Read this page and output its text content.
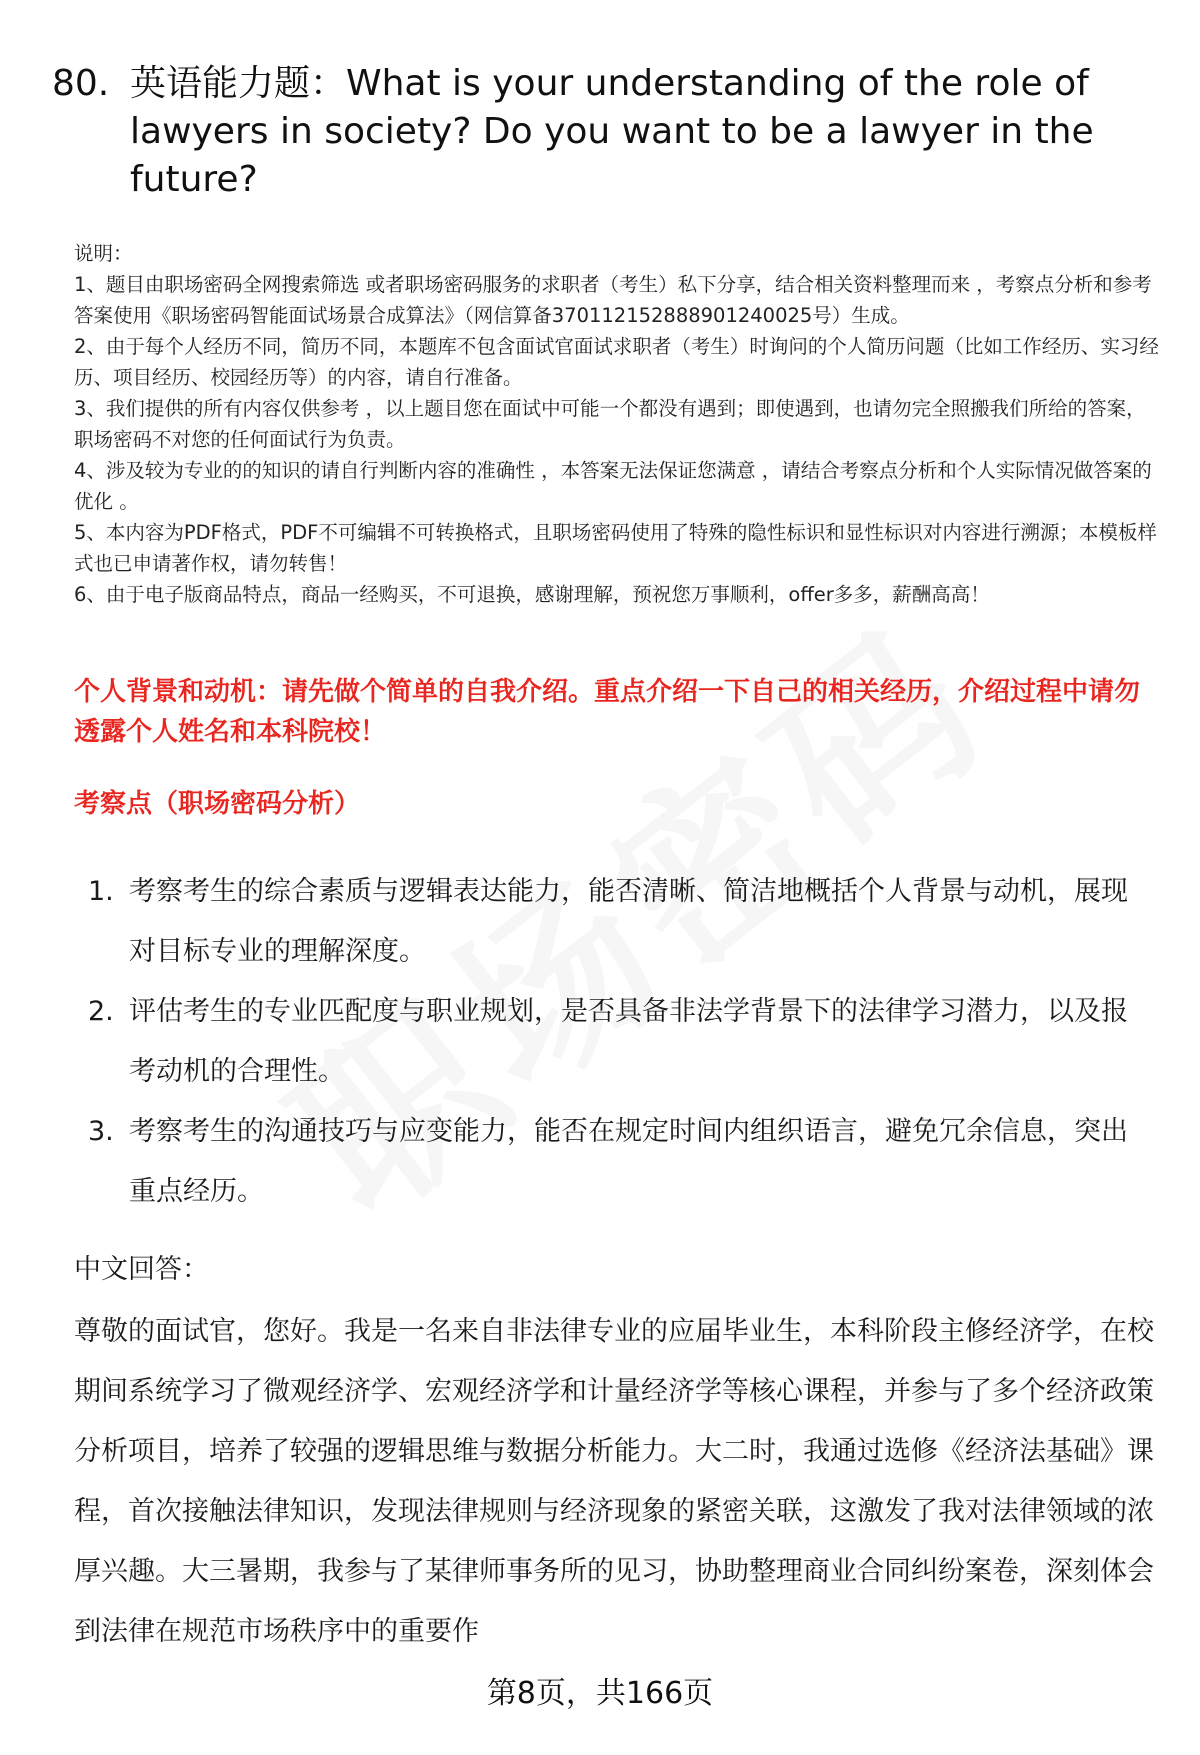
80. 英语能力题：What is your understanding of the role of lawyers in society? Do you want to be a lawyer in the future?
说明：
1、题目由职场密码全网搜索筛选 或者职场密码服务的求职者（考生）私下分享，结合相关资料整理而来 ，考察点分析和参考答案使用《职场密码智能面试场景合成算法》（网信算备370112152888901240025号）生成。
2、由于每个人经历不同，简历不同，本题库不包含面试官面试求职者（考生）时询问的个人简历问题（比如工作经历、实习经历、项目经历、校园经历等）的内容，请自行准备。
3、我们提供的所有内容仅供参考 ，以上题目您在面试中可能一个都没有遇到；即使遇到，也请勿完全照搬我们所给的答案，职场密码不对您的任何面试行为负责。
4、涉及较为专业的的知识的请自行判断内容的准确性 ，本答案无法保证您满意 ，请结合考察点分析和个人实际情况做答案的优化 。
5、本内容为PDF格式，PDF不可编辑不可转换格式，且职场密码使用了特殊的隐性标识和显性标识对内容进行溯源；本模板样式也已申请著作权，请勿转售！
6、由于电子版商品特点，商品一经购买，不可退换，感谢理解，预祝您万事顺利，offer多多，薪酬高高！
个人背景和动机：请先做个简单的自我介绍。重点介绍一下自己的相关经历，介绍过程中请勿透露个人姓名和本科院校！
考察点（职场密码分析）
1. 考察考生的综合素质与逻辑表达能力，能否清晰、简洁地概括个人背景与动机，展现对目标专业的理解深度。
2. 评估考生的专业匹配度与职业规划，是否具备非法学背景下的法律学习潜力，以及报考动机的合理性。
3. 考察考生的沟通技巧与应变能力，能否在规定时间内组织语言，避免冗余信息，突出重点经历。
中文回答：
尊敬的面试官，您好。我是一名来自非法律专业的应届毕业生，本科阶段主修经济学，在校期间系统学习了微观经济学、宏观经济学和计量经济学等核心课程，并参与了多个经济政策分析项目，培养了较强的逻辑思维与数据分析能力。大二时，我通过选修《经济法基础》课程，首次接触法律知识，发现法律规则与经济现象的紧密关联，这激发了我对法律领域的浓厚兴趣。大三暑期，我参与了某律师事务所的见习，协助整理商业合同纠纷案卷，深刻体会到法律在规范市场秩序中的重要作
第8页，共166页
